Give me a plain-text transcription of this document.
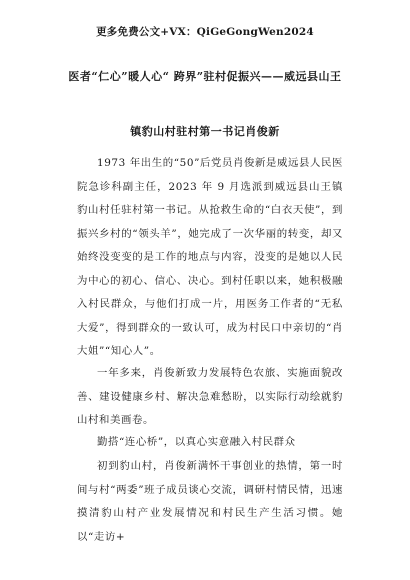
更多免费公文+VX：QiGeGongWen2024
医者“仁心”暖人心“ 跨界”驻村促振兴——威远县山王
镇豹山村驻村第一书记肖俊新
1973 年出生的“50”后党员肖俊新是威远县人民医院急诊科副主任，2023 年 9 月选派到威远县山王镇豹山村任驻村第一书记。从抢救生命的“白衣天使”，到振兴乡村的“领头羊”，她完成了一次华丽的转变，却又始终没变变的是工作的地点与内容，没变的是她以人民为中心的初心、信心、决心。到村任职以来，她积极融入村民群众，与他们打成一片，用医务工作者的“无私大爱”，得到群众的一致认可，成为村民口中亲切的“肖大姐”“知心人”。
一年多来，肖俊新致力发展特色农旅、实施面貌改善、建设健康乡村、解决急难愁盼，以实际行动绘就豹山村和美画卷。
勤搭“连心桥”，以真心实意融入村民群众
初到豹山村，肖俊新满怀干事创业的热情，第一时间与村“两委”班子成员谈心交流，调研村情民情，迅速摸清豹山村产业发展情况和村民生产生活习惯。她以“走访+
